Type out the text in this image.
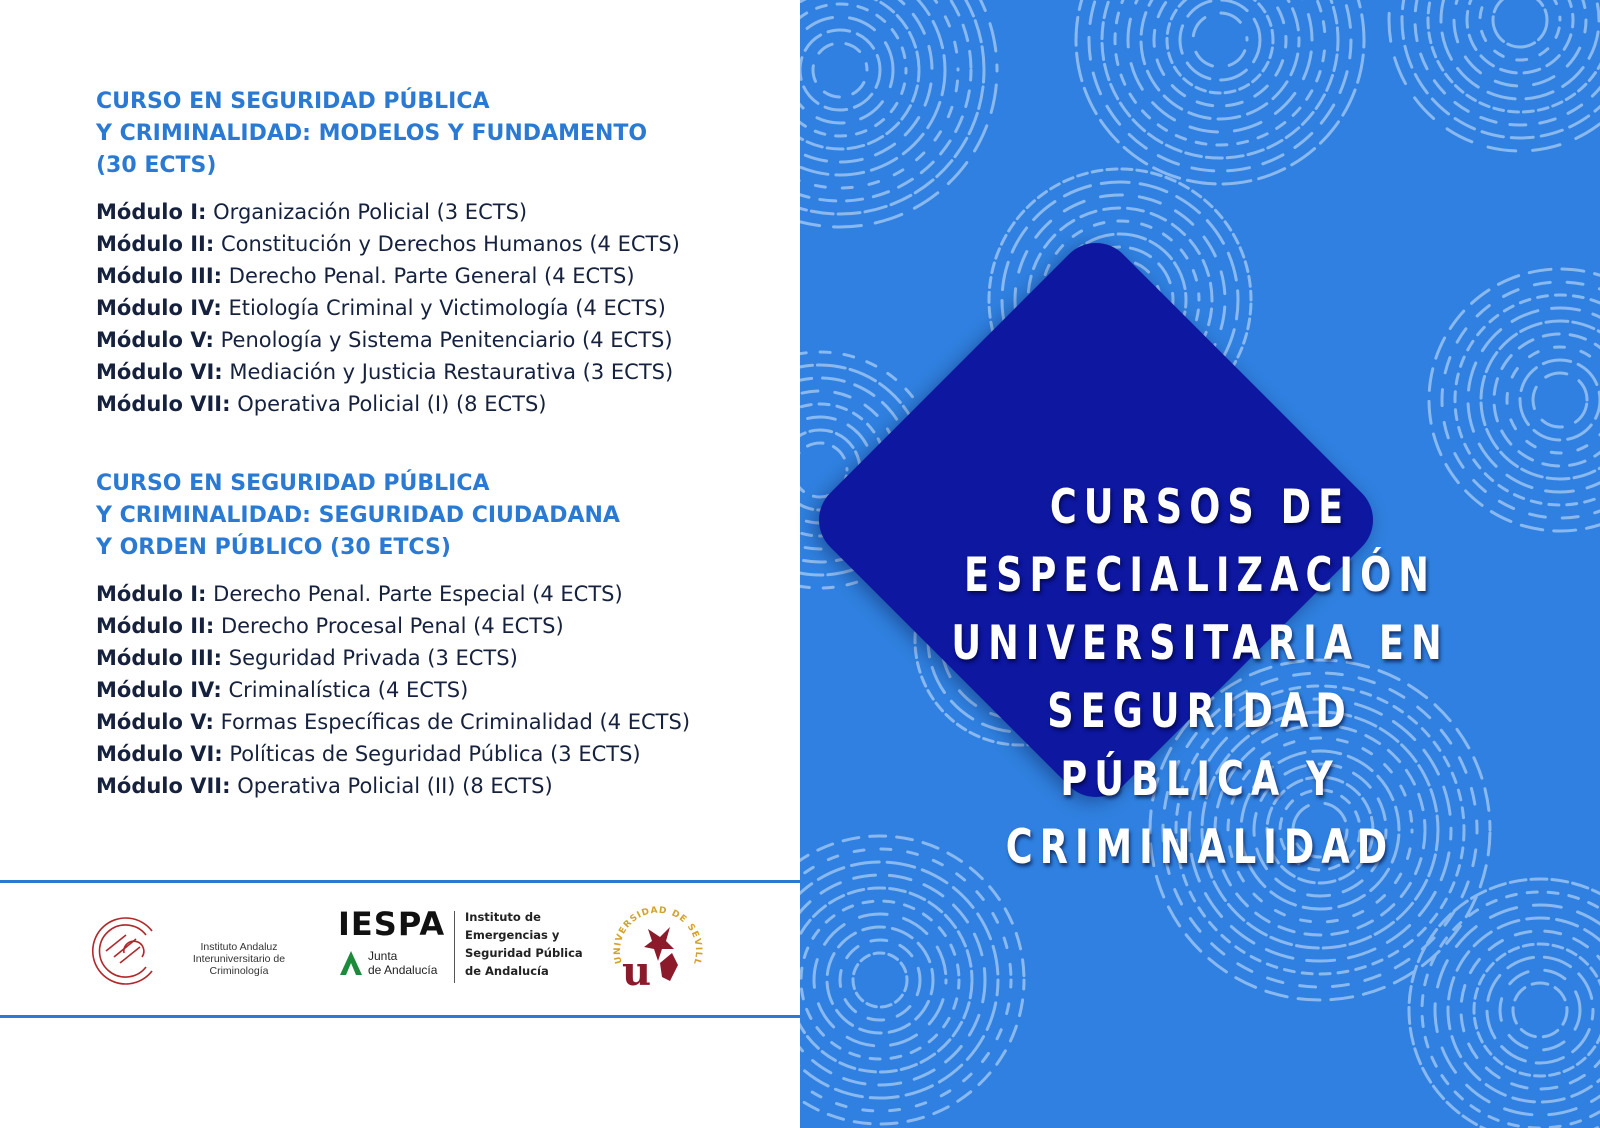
CURSO EN SEGURIDAD PÚBLICA
Y CRIMINALIDAD: MODELOS Y FUNDAMENTO
(30 ECTS)
Módulo I: Organización Policial (3 ECTS)
Módulo II: Constitución y Derechos Humanos (4 ECTS)
Módulo III: Derecho Penal. Parte General (4 ECTS)
Módulo IV: Etiología Criminal y Victimología (4 ECTS)
Módulo V: Penología y Sistema Penitenciario (4 ECTS)
Módulo VI: Mediación y Justicia Restaurativa (3 ECTS)
Módulo VII: Operativa Policial (I) (8 ECTS)
CURSO EN SEGURIDAD PÚBLICA
Y CRIMINALIDAD: SEGURIDAD CIUDADANA
Y ORDEN PÚBLICO (30 ETCS)
Módulo I: Derecho Penal. Parte Especial (4 ECTS)
Módulo II: Derecho Procesal Penal (4 ECTS)
Módulo III: Seguridad Privada (3 ECTS)
Módulo IV: Criminalística (4 ECTS)
Módulo V: Formas Específicas de Criminalidad (4 ECTS)
Módulo VI: Políticas de Seguridad Pública (3 ECTS)
Módulo VII: Operativa Policial (II) (8 ECTS)
Instituto Andaluz Interuniversitario de Criminología
IESPA
Junta
de Andalucía
Instituto de
Emergencias y
Seguridad Pública
de Andalucía
UNIVERSIDAD DE SEVILL
u
CURSOS DE ESPECIALIZACIÓN
UNIVERSITARIA EN SEGURIDAD
PÚBLICA Y CRIMINALIDAD
